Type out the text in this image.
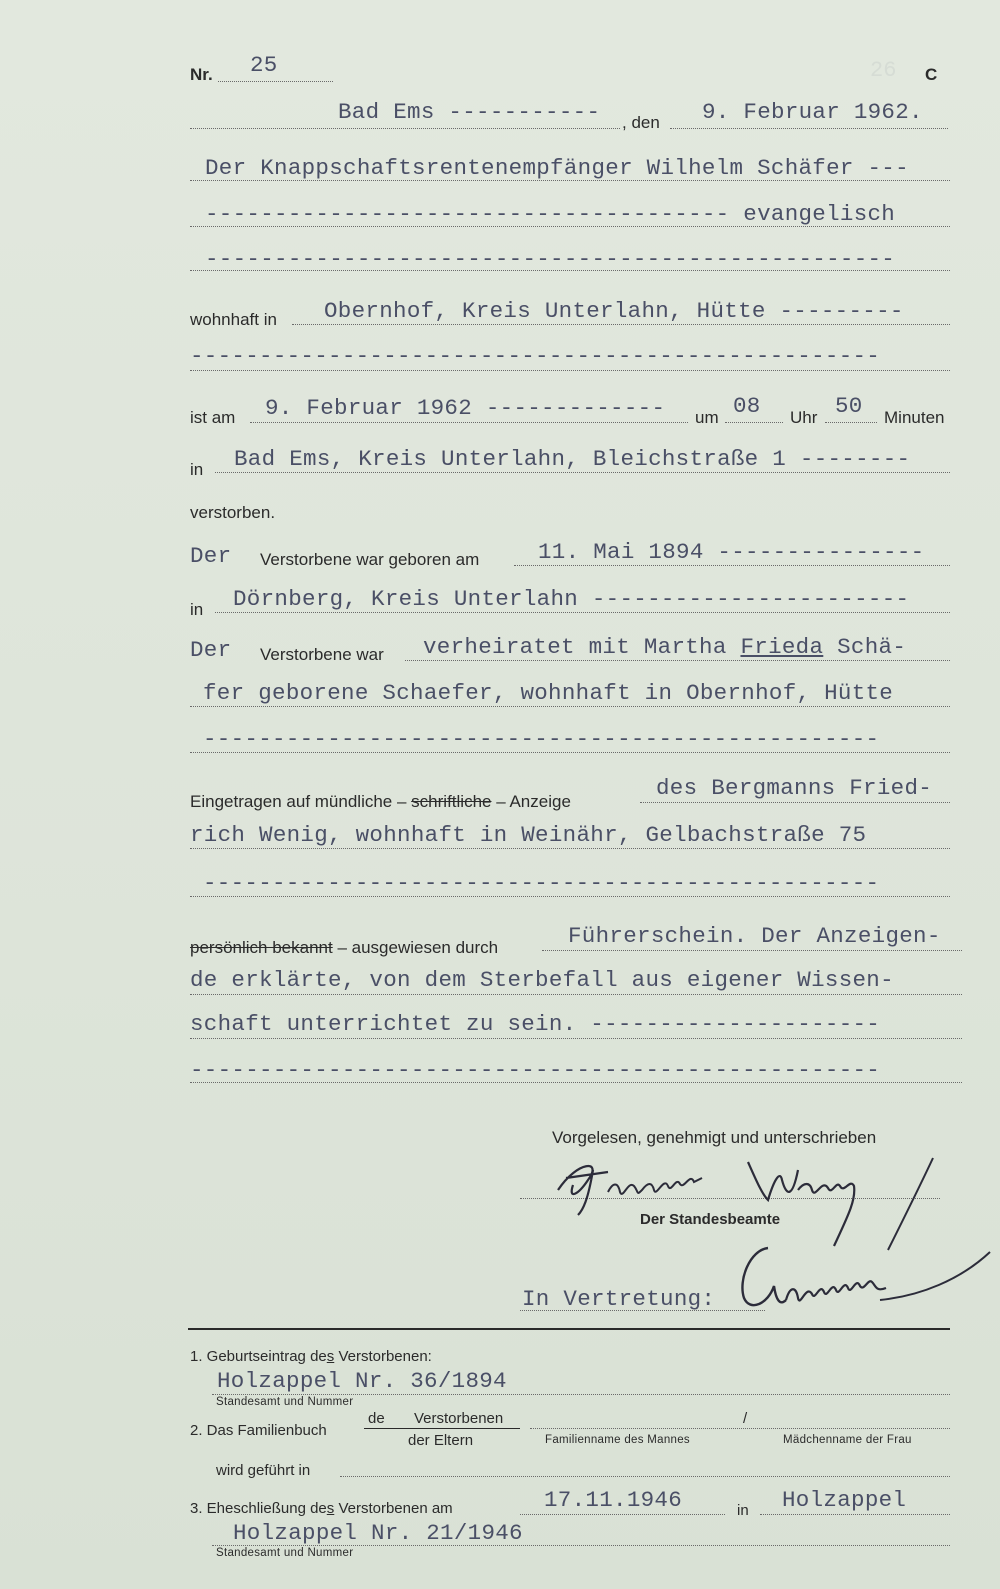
26
Nr. 25	C
Bad Ems ----------- , den 9. Februar 1962.
Der Knappschaftsrentenempfänger Wilhelm Schäfer ---
-------------------------------------- evangelisch
--------------------------------------------------
wohnhaft in Obernhof, Kreis Unterlahn, Hütte ---------
--------------------------------------------------
ist am 9. Februar 1962 ------------- um 08 Uhr 50 Minuten
in Bad Ems, Kreis Unterlahn, Bleichstraße 1 --------
verstorben.
Der Verstorbene war geboren am	11. Mai 1894 ---------------
in Dörnberg, Kreis Unterlahn -----------------------
Der Verstorbene war verheiratet mit Martha Frieda Schä-
fer geborene Schaefer, wohnhaft in Obernhof, Hütte
-------------------------------------------------
Eingetragen auf mündliche – schriftliche – Anzeige
des Bergmanns Fried-
rich Wenig, wohnhaft in Weinähr, Gelbachstraße 75
-------------------------------------------------
persönlich bekannt – ausgewiesen durch	Führerschein. Der Anzeigen-
de erklärte, von dem Sterbefall aus eigener Wissen-
schaft unterrichtet zu sein. ---------------------
--------------------------------------------------
Vorgelesen, genehmigt und unterschrieben
Der Standesbeamte
In Vertretung:
1. Geburtseintrag des Verstorbenen:
Holzappel Nr. 36/1894
Standesamt und Nummer
2. Das Familienbuch
de Verstorbenen
der Eltern	Familienname des Mannes
/
Mädchenname der Frau
wird geführt in
3. Eheschließung des Verstorbenen am	17.11.1946	in Holzappel
Holzappel Nr. 21/1946
Standesamt und Nummer
